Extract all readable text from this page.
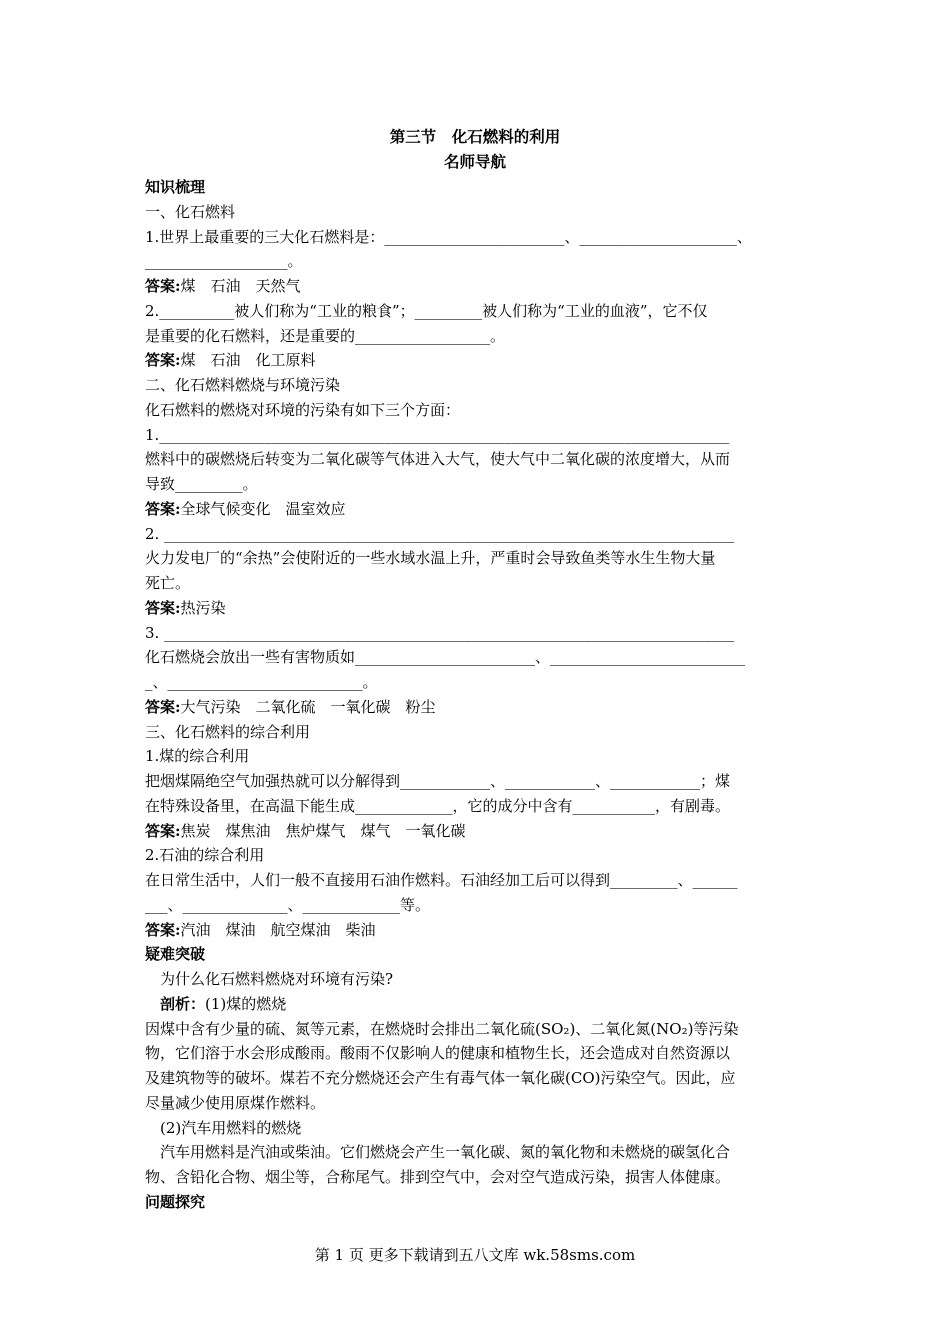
第三节　化石燃料的利用
名师导航
知识梳理
一、化石燃料
1.世界上最重要的三大化石燃料是：________________________、_____________________、
___________________。
答案:煤　石油　天然气
2.__________被人们称为“工业的粮食”；_________被人们称为“工业的血液”，它不仅
是重要的化石燃料，还是重要的__________________。
答案:煤　石油　化工原料
二、化石燃料燃烧与环境污染
化石燃料的燃烧对环境的污染有如下三个方面：
1.____________________________________________________________________________
燃料中的碳燃烧后转变为二氧化碳等气体进入大气，使大气中二氧化碳的浓度增大，从而
导致_________。
答案:全球气候变化　温室效应
2. ____________________________________________________________________________
火力发电厂的“余热”会使附近的一些水域水温上升，严重时会导致鱼类等水生生物大量
死亡。
答案:热污染
3. ____________________________________________________________________________
化石燃烧会放出一些有害物质如________________________、__________________________
_、__________________________。
答案:大气污染　二氧化硫　一氧化碳　粉尘
三、化石燃料的综合利用
1.煤的综合利用
把烟煤隔绝空气加强热就可以分解得到____________、____________、____________；煤
在特殊设备里，在高温下能生成_____________，它的成分中含有___________，有剧毒。
答案:焦炭　煤焦油　焦炉煤气　煤气　一氧化碳
2.石油的综合利用
在日常生活中，人们一般不直接用石油作燃料。石油经加工后可以得到_________、______
___、______________、_____________等。
答案:汽油　煤油　航空煤油　柴油
疑难突破
为什么化石燃料燃烧对环境有污染?
剖析：(1)煤的燃烧
因煤中含有少量的硫、氮等元素，在燃烧时会排出二氧化硫(SO₂)、二氧化氮(NO₂)等污染
物，它们溶于水会形成酸雨。酸雨不仅影响人的健康和植物生长，还会造成对自然资源以
及建筑物等的破坏。煤若不充分燃烧还会产生有毒气体一氧化碳(CO)污染空气。因此，应
尽量减少使用原煤作燃料。
(2)汽车用燃料的燃烧
汽车用燃料是汽油或柴油。它们燃烧会产生一氧化碳、氮的氧化物和未燃烧的碳氢化合
物、含铅化合物、烟尘等，合称尾气。排到空气中，会对空气造成污染，损害人体健康。
问题探究
第 1 页 更多下载请到五八文库 wk.58sms.com
